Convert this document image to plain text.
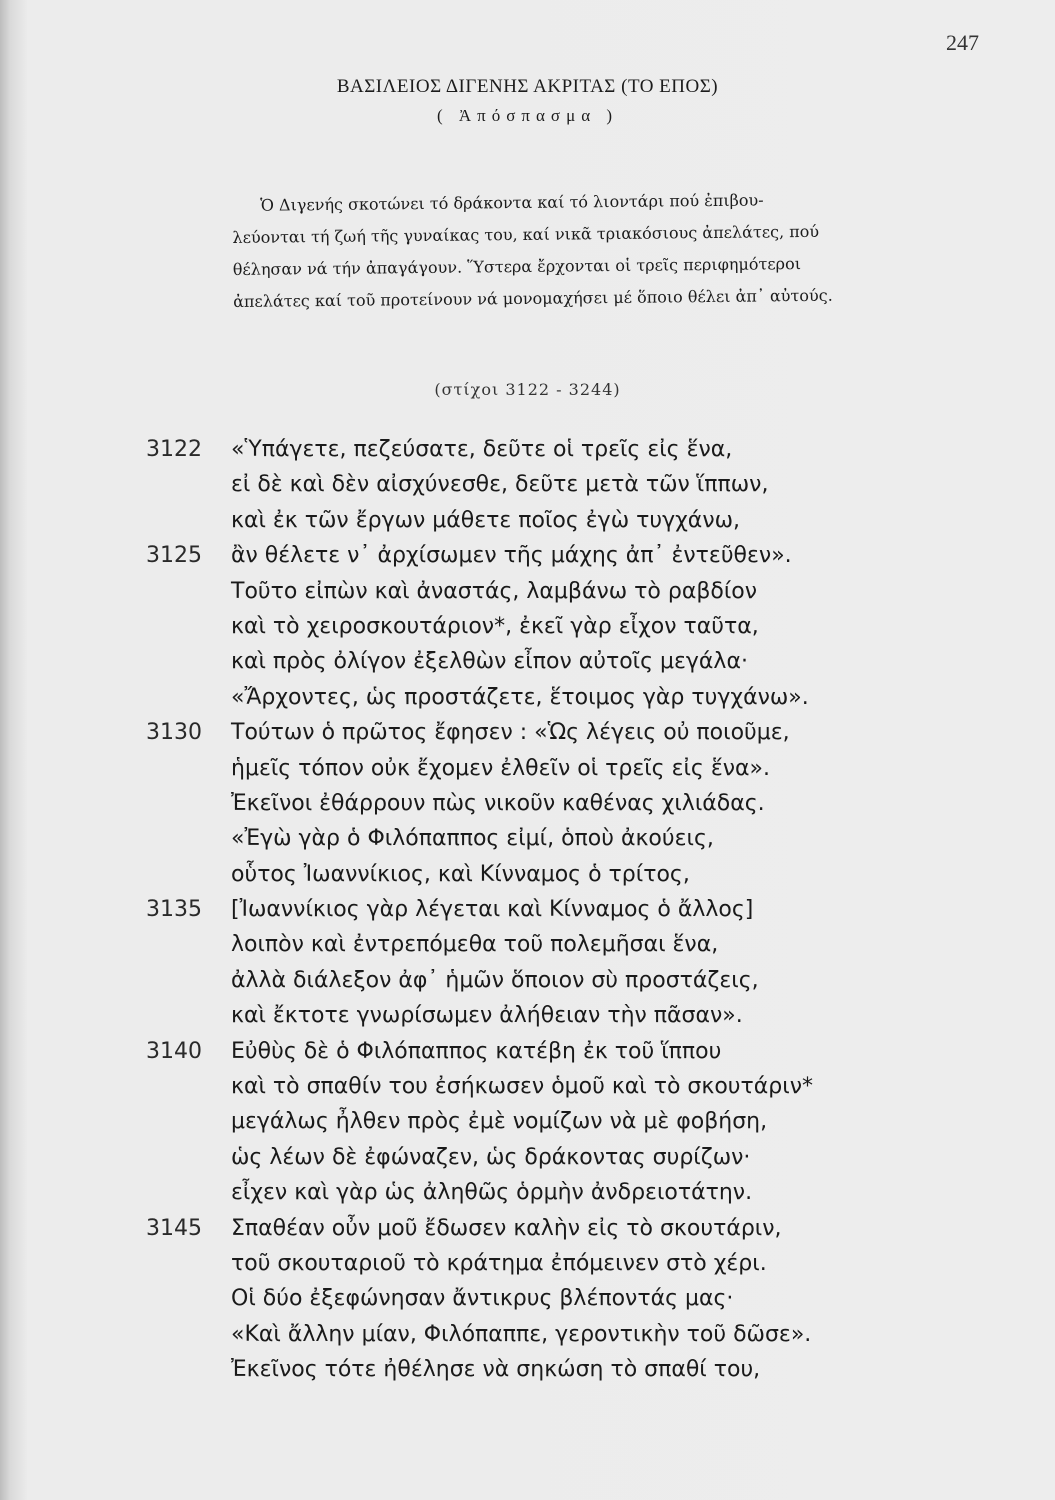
247
ΒΑΣΙΛΕΙΟΣ ΔΙΓΕΝΗΣ ΑΚΡΙΤΑΣ (ΤΟ ΕΠΟΣ)
( Ἀπόσπασμα )
Ὁ Διγενής σκοτώνει τό δράκοντα καί τό λιοντάρι πού ἐπιβου-
λεύονται τή ζωή τῆς γυναίκας του, καί νικᾶ τριακόσιους ἀπελάτες, πού
θέλησαν νά τήν ἀπαγάγουν. Ὕστερα ἔρχονται οἱ τρεῖς περιφημότεροι
ἀπελάτες καί τοῦ προτείνουν νά μονομαχήσει μέ ὅποιο θέλει ἀπ᾽ αὐτούς.
(στίχοι 3122 - 3244)
3122	«Ὑπάγετε, πεζεύσατε, δεῦτε οἱ τρεῖς εἰς ἕνα,
εἰ δὲ καὶ δὲν αἰσχύνεσθε, δεῦτε μετὰ τῶν ἵππων,
καὶ ἐκ τῶν ἔργων μάθετε ποῖος ἐγὼ τυγχάνω,
3125	ἂν θέλετε ν᾽ ἀρχίσωμεν τῆς μάχης ἀπ᾽ ἐντεῦθεν».
Τοῦτο εἰπὼν καὶ ἀναστάς, λαμβάνω τὸ ραβδίον
καὶ τὸ χειροσκουτάριον*, ἐκεῖ γὰρ εἶχον ταῦτα,
καὶ πρὸς ὀλίγον ἐξελθὼν εἶπον αὐτοῖς μεγάλα·
«Ἄρχοντες, ὡς προστάζετε, ἕτοιμος γὰρ τυγχάνω».
3130	Τούτων ὁ πρῶτος ἔφησεν : «Ὡς λέγεις οὐ ποιοῦμε,
ἡμεῖς τόπον οὐκ ἔχομεν ἐλθεῖν οἱ τρεῖς εἰς ἕνα».
Ἐκεῖνοι ἐθάρρουν πὼς νικοῦν καθένας χιλιάδας.
«Ἐγὼ γὰρ ὁ Φιλόπαππος εἰμί, ὁποὺ ἀκούεις,
οὗτος Ἰωαννίκιος, καὶ Κίνναμος ὁ τρίτος,
3135	[Ἰωαννίκιος γὰρ λέγεται καὶ Κίνναμος ὁ ἄλλος]
λοιπὸν καὶ ἐντρεπόμεθα τοῦ πολεμῆσαι ἕνα,
ἀλλὰ διάλεξον ἀφ᾽ ἡμῶν ὅποιον σὺ προστάζεις,
καὶ ἔκτοτε γνωρίσωμεν ἀλήθειαν τὴν πᾶσαν».
3140	Εὐθὺς δὲ ὁ Φιλόπαππος κατέβη ἐκ τοῦ ἵππου
καὶ τὸ σπαθίν του ἐσήκωσεν ὁμοῦ καὶ τὸ σκουτάριν*
μεγάλως ἦλθεν πρὸς ἐμὲ νομίζων νὰ μὲ φοβήση,
ὡς λέων δὲ ἐφώναζεν, ὡς δράκοντας συρίζων·
εἶχεν καὶ γὰρ ὡς ἀληθῶς ὁρμὴν ἀνδρειοτάτην.
3145	Σπαθέαν οὖν μοῦ ἔδωσεν καλὴν εἰς τὸ σκουτάριν,
τοῦ σκουταριοῦ τὸ κράτημα ἐπόμεινεν στὸ χέρι.
Οἱ δύο ἐξεφώνησαν ἄντικρυς βλέποντάς μας·
«Καὶ ἄλλην μίαν, Φιλόπαππε, γεροντικὴν τοῦ δῶσε».
Ἐκεῖνος τότε ἠθέλησε νὰ σηκώση τὸ σπαθί του,
